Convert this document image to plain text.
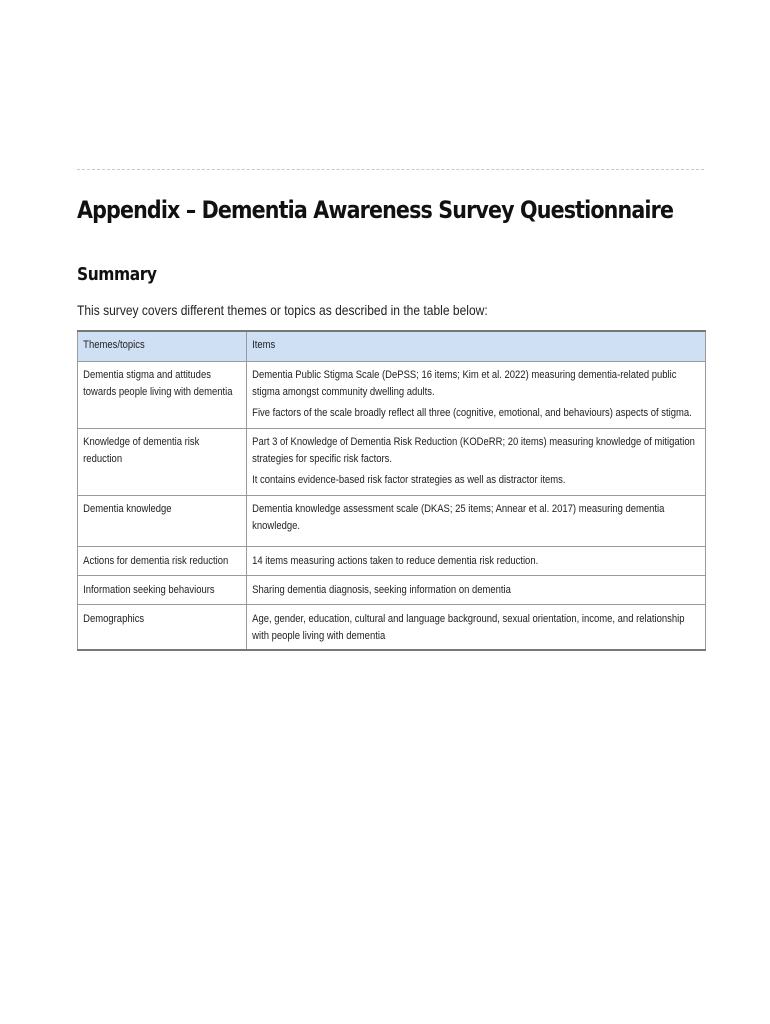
Appendix – Dementia Awareness Survey Questionnaire
Summary

This survey covers different themes or topics as described in the table below:

Themes/topics	Items

Dementia stigma and attitudes towards people living with dementia	Dementia Public Stigma Scale (DePSS; 16 items; Kim et al. 2022) measuring dementia-related public stigma amongst community dwelling adults.
Five factors of the scale broadly reflect all three (cognitive, emotional, and behaviours) aspects of stigma.

Knowledge of dementia risk reduction	Part 3 of Knowledge of Dementia Risk Reduction (KODeRR; 20 items) measuring knowledge of mitigation strategies for specific risk factors.
It contains evidence-based risk factor strategies as well as distractor items.

Dementia knowledge	Dementia knowledge assessment scale (DKAS; 25 items; Annear et al. 2017) measuring dementia knowledge.

Actions for dementia risk reduction	14 items measuring actions taken to reduce dementia risk reduction.

Information seeking behaviours	Sharing dementia diagnosis, seeking information on dementia

Demographics	Age, gender, education, cultural and language background, sexual orientation, income, and relationship with people living with dementia
